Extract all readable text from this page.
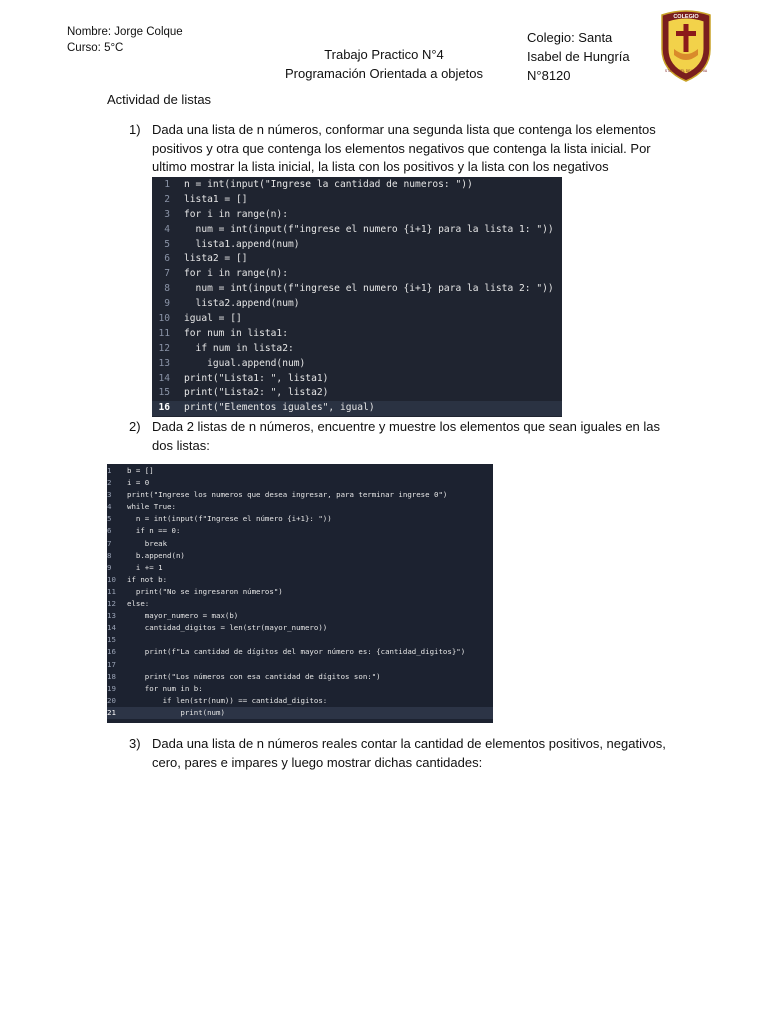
Nombre: Jorge Colque
Curso: 5°C	Trabajo Practico N°4
Programación Orientada a objetos
Colegio: Santa
Isabel de Hungría
N°8120
COLEGIO
STA. ISABEL DE HUNGRIA
Actividad de listas
1) Dada una lista de n números, conformar una segunda lista que contenga los elementos
positivos y otra que contenga los elementos negativos que contenga la lista inicial. Por
ultimo mostrar la lista inicial, la lista con los positivos y la lista con los negativos
1 n = int(input("Ingrese la cantidad de numeros: "))
2 lista1 = []
3 for i in range(n):
4  num = int(input(f"ingrese el numero {i+1} para la lista 1: "))
5  lista1.append(num)
6 lista2 = []
7 for i in range(n):
8  num = int(input(f"ingrese el numero {i+1} para la lista 2: "))
9  lista2.append(num)
10 igual = []
11 for num in lista1:
12  if num in lista2:
13    igual.append(num)
14 print("Lista1: ", lista1)
15 print("Lista2: ", lista2)
16 print("Elementos iguales", igual)
2) Dada 2 listas de n números, encuentre y muestre los elementos que sean iguales en las
dos listas:
1 b = []
2 i = 0
3 print("Ingrese los numeros que desea ingresar, para terminar ingrese 0")
4 while True:
5  n = int(input(f"Ingrese el número {i+1}: "))
6  if n == 0:
7    break
8  b.append(n)
9  i += 1
10 if not b:
11  print("No se ingresaron números")
12 else:
13    mayor_numero = max(b)
14    cantidad_digitos = len(str(mayor_numero))
15
16    print(f"La cantidad de dígitos del mayor número es: {cantidad_digitos}")
17
18    print("Los números con esa cantidad de dígitos son:")
19    for num in b:
20        if len(str(num)) == cantidad_digitos:
21            print(num)
3) Dada una lista de n números reales contar la cantidad de elementos positivos, negativos,
cero, pares e impares y luego mostrar dichas cantidades:
